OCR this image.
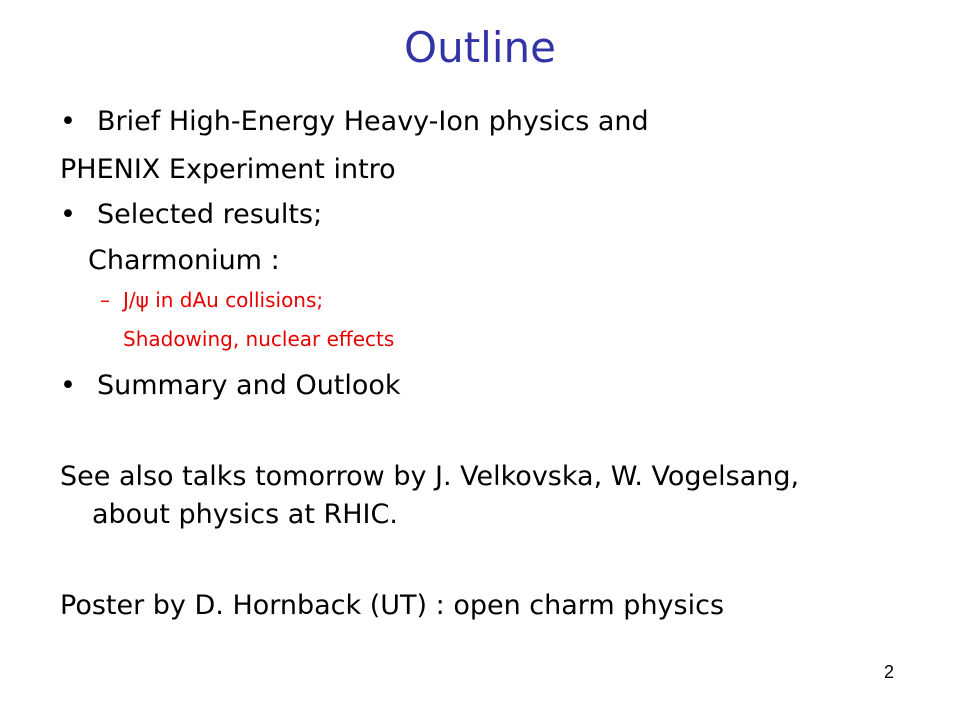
Outline
• Brief High-Energy Heavy-Ion physics and
PHENIX Experiment intro
• Selected results;
Charmonium :
– J/ψ in dAu collisions;
Shadowing, nuclear effects
• Summary and Outlook
See also talks tomorrow by J. Velkovska, W. Vogelsang,
about physics at RHIC.
Poster by D. Hornback (UT) : open charm physics
2
